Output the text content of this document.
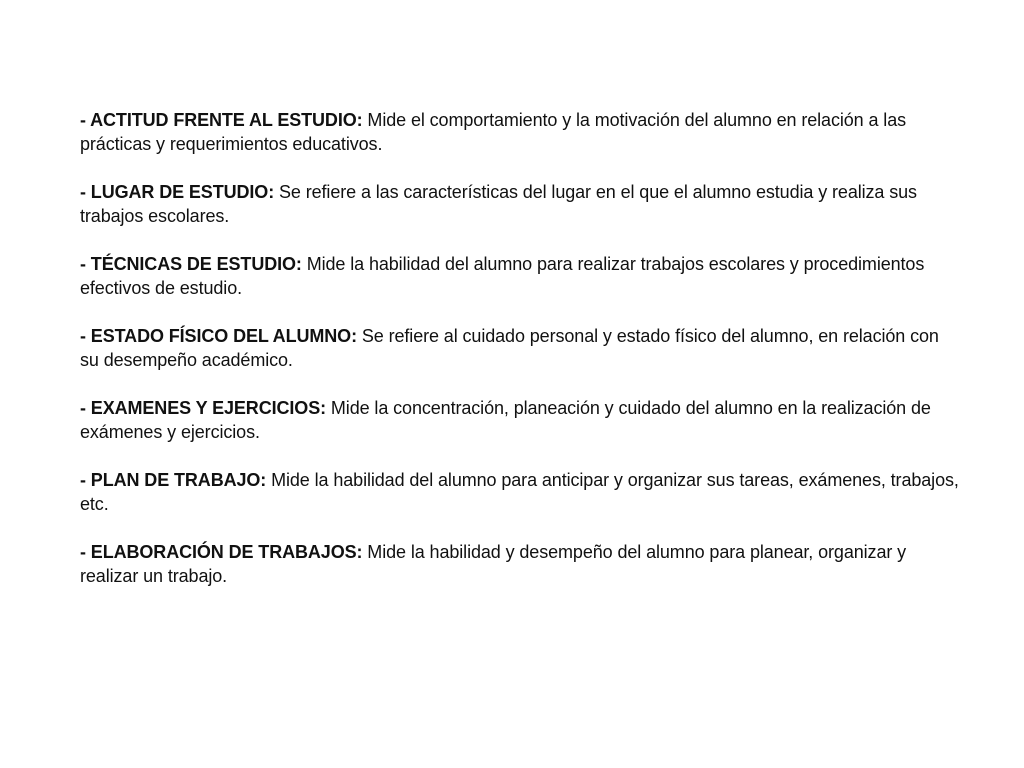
- ACTITUD FRENTE AL ESTUDIO: Mide el comportamiento y la motivación del alumno en relación a las prácticas y requerimientos educativos.

- LUGAR DE ESTUDIO: Se refiere a las características del lugar en el que el alumno estudia y realiza sus trabajos escolares.

- TÉCNICAS DE ESTUDIO: Mide la habilidad del alumno para realizar trabajos escolares y procedimientos efectivos de estudio.

- ESTADO FÍSICO DEL ALUMNO: Se refiere al cuidado personal y estado físico del alumno, en relación con su desempeño académico.

- EXAMENES Y EJERCICIOS: Mide la concentración, planeación y cuidado del alumno en la realización de exámenes y ejercicios.

- PLAN DE TRABAJO: Mide la habilidad del alumno para anticipar y organizar sus tareas, exámenes, trabajos, etc.

- ELABORACIÓN DE TRABAJOS: Mide la habilidad y desempeño del alumno para planear, organizar y realizar un trabajo.
